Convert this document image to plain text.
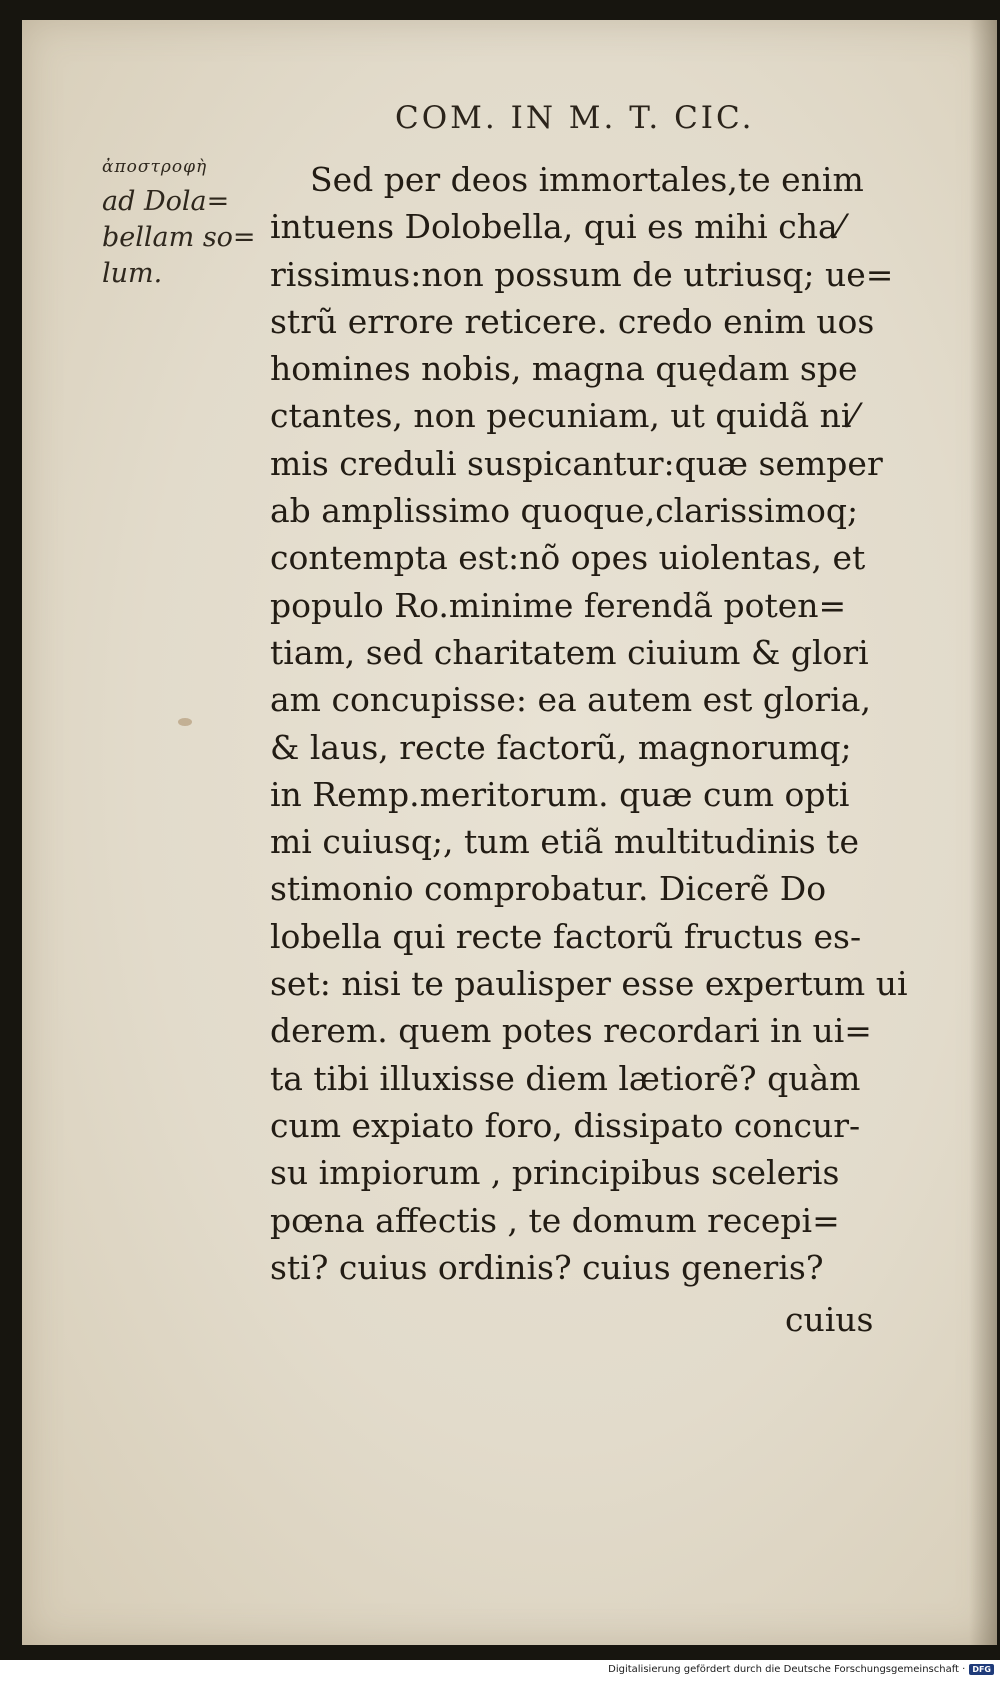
COM. IN M. T. CIC.
ἀποστροφὴ
ad Dola=
bellam so=
lum.
Sed per deos immortales,te enim
intuens Dolobella, qui es mihi cha⁄
rissimus:non possum de utriusq; ue=
strũ errore reticere. credo enim uos
homines nobis, magna quędam spe
ctantes, non pecuniam, ut quidã ni⁄
mis creduli suspicantur:quæ semper
ab amplissimo quoque,clarissimoq;
contempta est:nõ opes uiolentas, et
populo Ro.minime ferendã poten=
tiam, sed charitatem ciuium & glori
am concupisse: ea autem est gloria,
& laus, recte factorũ, magnorumq;
in Remp.meritorum. quæ cum opti
mi cuiusq;, tum etiã multitudinis te
stimonio comprobatur. Dicerẽ Do
lobella qui recte factorũ fructus es-
set: nisi te paulisper esse expertum ui
derem. quem potes recordari in ui=
ta tibi illuxisse diem lætiorẽ? quàm
cum expiato foro, dissipato concur-
su impiorum , principibus sceleris
pœna affectis , te domum recepi=
sti? cuius ordinis? cuius generis?
cuius
Digitalisierung gefördert durch die Deutsche Forschungsgemeinschaft · DFG
